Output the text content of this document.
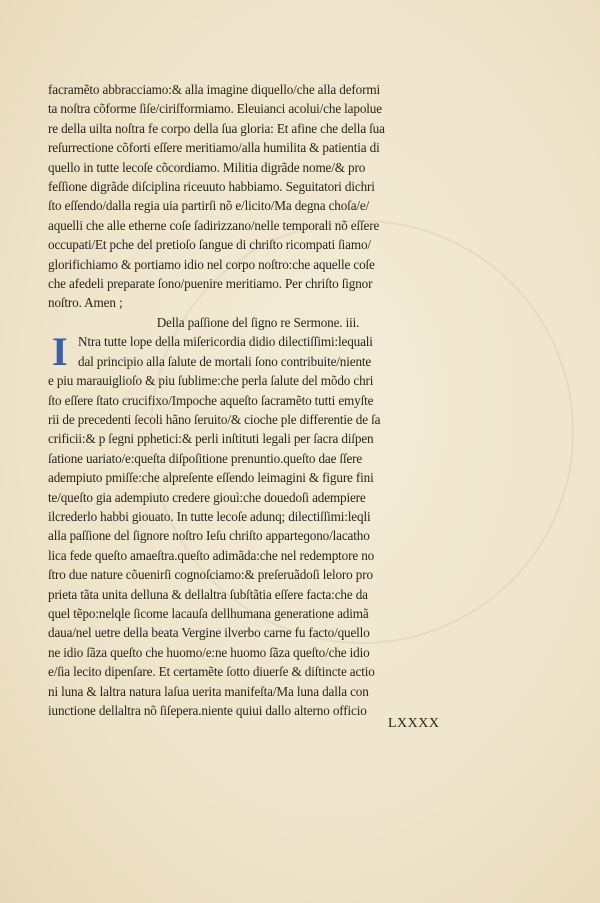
facramẽto abbracciamo:& alla imagine diquello/che alla deformi
ta noſtra cõforme ſiſe/ciriſformiamo. Eleuianci acolui/che lapolue
re della uilta noſtra fe corpo della ſua gloria: Et afine che della ſua
reſurrectione cõforti eſſere meritiamo/alla humilita & patientia di
quello in tutte lecoſe cõcordiamo. Militia digrãde nome/& pro
feſſione digrãde diſciplina riceuuto habbiamo. Seguitatori dichri
ſto eſſendo/dalla regia uia partirſi nõ e/licito/Ma degna choſa/e/
aquelli che alle etherne coſe ſadirizzano/nelle temporali nõ eſſere
occupati/Et pche del pretioſo ſangue di chriſto ricompati ſiamo/
glorifichiamo & portiamo idio nel corpo noſtro:che aquelle coſe
che afedeli preparate ſono/puenire meritiamo. Per chriſto ſignor
noſtro. Amen ;
Della paſſione del ſigno re Sermone. iii.
Ntra tutte lope della miſericordia didio dilectiſſimi:lequali
dal principio alla ſalute de mortali ſono contribuite/niente
e piu marauiglioſo & piu ſublime:che perla ſalute del mõdo chri
ſto eſſere ſtato crucifixo/Impoche aqueſto ſacramẽto tutti emyſte
rii de precedenti ſecoli hãno ſeruito/& cioche ple differentie de ſa
crificii:& p ſegni pphetici:& perli inſtituti legali per ſacra diſpen
ſatione uariato/e:queſta diſpoſitione prenuntio.queſto dae ſſere
adempiuto pmiſſe:che alpreſente eſſendo leimagini & figure fini
te/queſto gia adempiuto credere giouì:che douedoſi adempiere
ilcrederlo habbi giouato. In tutte lecoſe adunq; dilectiſſimi:leqli
alla paſſione del ſignore noſtro Ieſu chriſto apparteɡono/lacatho
lica fede queſto amaeſtra.queſto adimãda:che nel redemptore no
ſtro due nature cõuenirſi cognoſciamo:& preſeruãdoſi leloro pro
prieta tãta unita delluna & dellaltra ſubſtãtia eſſere facta:che da
quel tẽpo:nelqle ſicome lacauſa dellhumana generatione adimã
daua/nel uetre della beata Vergine ilverbo carne fu facto/quello
ne idio ſãza queſto che huomo/e:ne huomo ſãza queſto/che idio
e/ſia lecito dipenſare. Et certamẽte ſotto diuerſe & diſtincte actio
ni luna & laltra natura laſua uerita manifeſta/Ma luna dalla con
iunctione dellaltra nõ ſiſepera.niente quiui dallo alterno officio
I
LXXXX
